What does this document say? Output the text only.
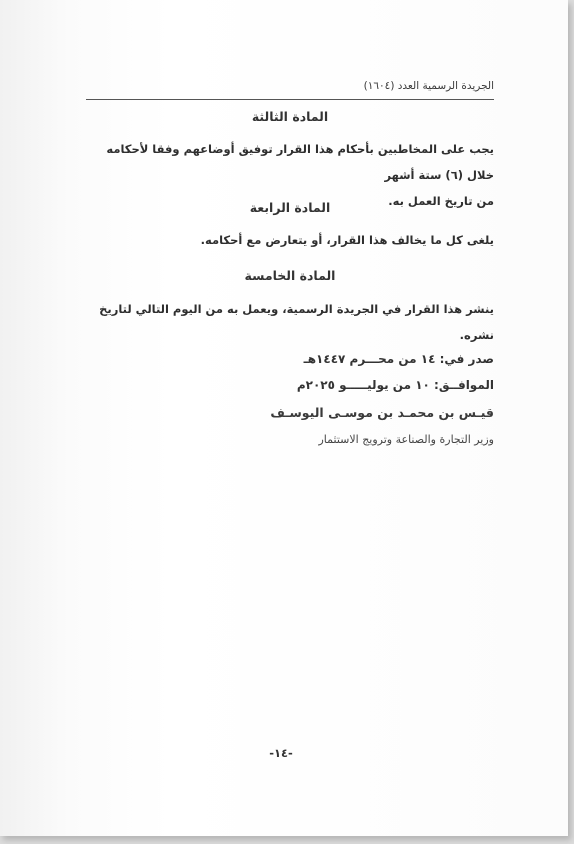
الجريدة الرسمية العدد (١٦٠٤)
المادة الثالثة
يجب على المخاطبين بأحكام هذا القرار توفيق أوضاعهم وفقا لأحكامه خلال (٦) ستة أشهر
من تاريخ العمل به.
المادة الرابعة
يلغى كل ما يخالف هذا القرار، أو يتعارض مع أحكامه.
المادة الخامسة
ينشر هذا القرار في الجريدة الرسمية، ويعمل به من اليوم التالي لتاريخ نشره.
صدر في: ١٤ من محـــرم ١٤٤٧هـ
الموافــق: ١٠ من يوليـــــو ٢٠٢٥م
قيـس بن محمـد بن موسـى اليوسـف
وزير التجارة والصناعة وترويج الاستثمار
-١٤-
